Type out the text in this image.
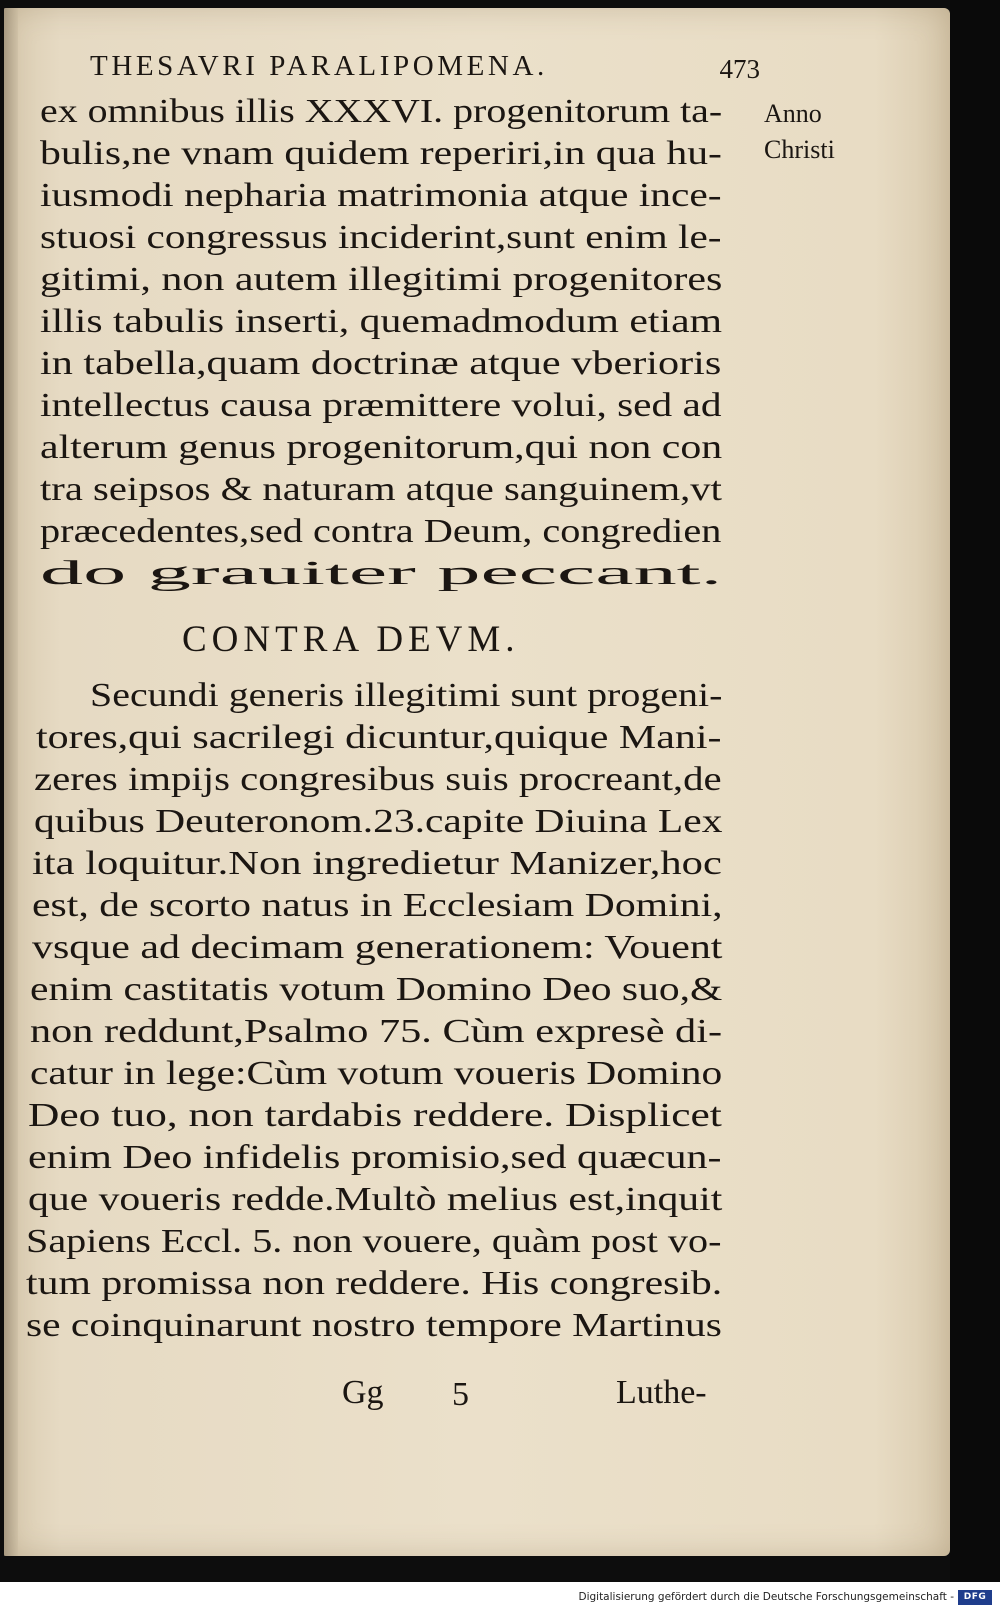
THESAVRI PARALIPOMENA.	473
Anno
Christi
ex omnibus illis XXXVI. progenitorum ta-
bulis,ne vnam quidem reperiri,in qua hu-
iusmodi nepharia matrimonia atque ince-
stuosi congressus inciderint,sunt enim le-
gitimi, non autem illegitimi progenitores
illis tabulis inserti, quemadmodum etiam
in tabella,quam doctrinæ atque vberioris
intellectus causa præmittere volui, sed ad
alterum genus progenitorum,qui non con
tra seipsos & naturam atque sanguinem,vt
præcedentes,sed contra Deum, congredien
do grauiter peccant.
CONTRA DEVM.
Secundi generis illegitimi sunt progeni-
tores,qui sacrilegi dicuntur,quique Mani-
zeres impijs congresibus suis procreant,de
quibus Deuteronom.23.capite Diuina Lex
ita loquitur.Non ingredietur Manizer,hoc
est, de scorto natus in Ecclesiam Domini,
vsque ad decimam generationem: Vouent
enim castitatis votum Domino Deo suo,&
non reddunt,Psalmo 75. Cùm expresè di-
catur in lege:Cùm votum voueris Domino
Deo tuo, non tardabis reddere. Displicet
enim Deo infidelis promisio,sed quæcun-
que voueris redde.Multò melius est,inquit
Sapiens Eccl. 5. non vouere, quàm post vo-
tum promissa non reddere. His congresib.
se coinquinarunt nostro tempore Martinus
Gg 5	Luthe-
Digitalisierung gefördert durch die Deutsche Forschungsgemeinschaft -	DFG
